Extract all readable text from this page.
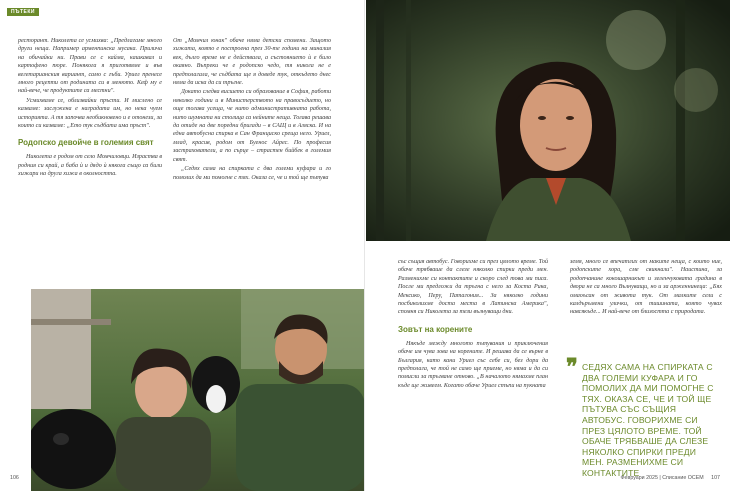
ПЪТЕКИ

ресторант. Николета се усмихва: „Предлагаме много други неща. Например арменпинска мусака. Прилича на обичайки ни. Прави се с кайма, кашкавал и картофено пюре. Понякога я приготвяме и във вегетарианския вариант, само с гъби. Уриел пренесе много рецепти от родината си в менюто. Кеф му е най-вече, че продуктите са местни".

Усмихваме се, облизвайки пръсти. И мислено се казваме: заслужена е наградата им, но нека чуем историята. А тя започва необикновено и е отонези, за които си казваме: „Ето тук съдбата има пръст".

Родопско девойче в големия свят

Николета е родом от село Момчиловци. Израства в родния си край, а баба ѝ и дядо ѝ някога също са били хижари на друга хижа в околността.

От „Момчил юнак" обаче няма детски спомени. Защото хижата, която е построена през 30-те години на миналия век, дълго време не е действала, а състоянието ѝ е било окаяно. Въпреки че е родопско чедо, тя никога не е предполагала, че съдбата ще я доведе тук, откъдето днес няма да иска да си тръгне.

Докато следва висшето си образование в София, работи няколко години и в Министерството на правосъдието, но още тогава усеща, че нито административната работа, нито шумната ни столица са нейните неща. Тогава решава да отиде на две поредни бригади – в САЩ и в Аляска. И на една автобусна спирка в Сан Франциско среща него. Уриел, млад, красив, родом от Буенос Айрес. По професия застрахователи, а по сърце – страстен бийбек в големия свят.

„Седях сама на спирката с два големи куфара и го помолих да ми помогне с тях. Оказа се, че и той ще пътува

106

със същия автобус. Говорихме си през цялото време. Той обаче трябваше да слезе няколко спирки преди мен. Разменихме си контактите и скоро след това ми писа. После ми предложи да тръгна с него за Коста Рика, Мексико, Перу, Патагония... За няколко години посбиколихме доста места в Латинска Америка", спомня си Николета за тези вълнуващи дни.

Зовът на корените

Някъде между многото пътувания и приключения обаче им чува зова на корените. И решава да се върне в България, като кани Уриел със себе си, без дори да предполага, че той не само ще приеме, но няма и да си помисли за тръгване отново. „В началото нямахме план къде ще живеем. Когато обаче Уриел стъпи на пукната

земя, много се впечатлих от маките неща, с които ние, родопските хора, сме свикнали". Наистина, за родопчанине кокошарникът и зеленчуковата градина в двора не са много Вълнуващи, но и за арженнинеца: „Бях омаоъсан от живота тук. От малките сели с калдъръмени улички, от тишината, която чувах навсякъде... И най-вече от близостта с природата.

Февруари 2025 | Списание ОСЕМ 107
❞ СЕДЯХ САМА НА СПИРКАТА С ДВА ГОЛЕМИ КУФАРА И ГО ПОМОЛИХ ДА МИ ПОМОГНЕ С ТЯХ. ОКАЗА СЕ, ЧЕ И ТОЙ ЩЕ ПЪТУВА СЪС СЪЩИЯ АВТОБУС. ГОВОРИХМЕ СИ ПРЕЗ ЦЯЛОТО ВРЕМЕ. ТОЙ ОБАЧЕ ТРЯБВАШЕ ДА СЛЕЗЕ НЯКОЛКО СПИРКИ ПРЕДИ МЕН. РАЗМЕНИХМЕ СИ КОНТАКТИТЕ
